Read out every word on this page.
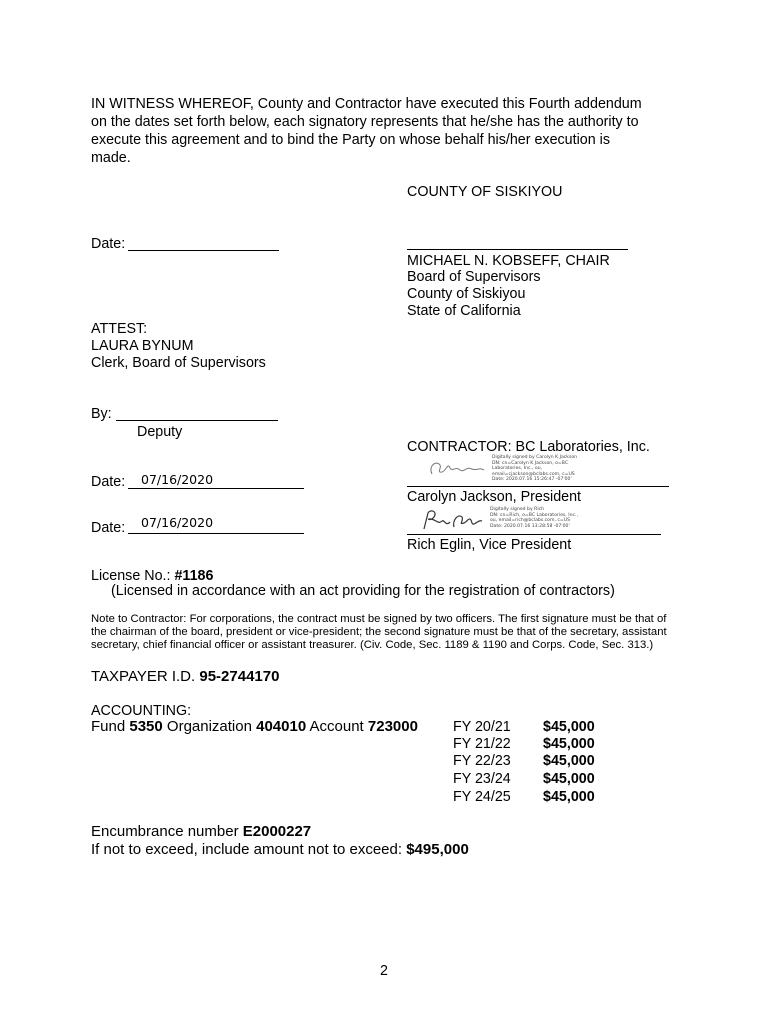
IN WITNESS WHEREOF, County and Contractor have executed this Fourth addendum
on the dates set forth below, each signatory represents that he/she has the authority to
execute this agreement and to bind the Party on whose behalf his/her execution is
made.
COUNTY OF SISKIYOU
Date:
MICHAEL N. KOBSEFF, CHAIR
Board of Supervisors
County of Siskiyou
State of California
ATTEST:
LAURA BYNUM
Clerk, Board of Supervisors
By:
Deputy
CONTRACTOR: BC Laboratories, Inc.
Digitally signed by Carolyn K Jackson
DN: cn=Carolyn K Jackson, o=BC
Laboratories, Inc., ou,
email=cjackson@bclabs.com, c=US
Date: 2020.07.16 15:26:47 -07'00'
Date: 07/16/2020
Carolyn Jackson, President
Digitally signed by Rich
DN: cn=Rich, o=BC Laboratories, Inc.,
ou, email=rich@bclabs.com, c=US
Date: 2020.07.16 13:28:58 -07'00'
Date: 07/16/2020
Rich Eglin, Vice President
License No.: #1186
(Licensed in accordance with an act providing for the registration of contractors)
Note to Contractor: For corporations, the contract must be signed by two officers. The first signature must be that of
the chairman of the board, president or vice-president; the second signature must be that of the secretary, assistant
secretary, chief financial officer or assistant treasurer. (Civ. Code, Sec. 1189 & 1190 and Corps. Code, Sec. 313.)
TAXPAYER I.D. 95-2744170
ACCOUNTING:
Fund 5350 Organization 404010 Account 723000 FY 20/21 $45,000
FY 21/22 $45,000
FY 22/23 $45,000
FY 23/24 $45,000
FY 24/25 $45,000
Encumbrance number E2000227
If not to exceed, include amount not to exceed: $495,000
2
